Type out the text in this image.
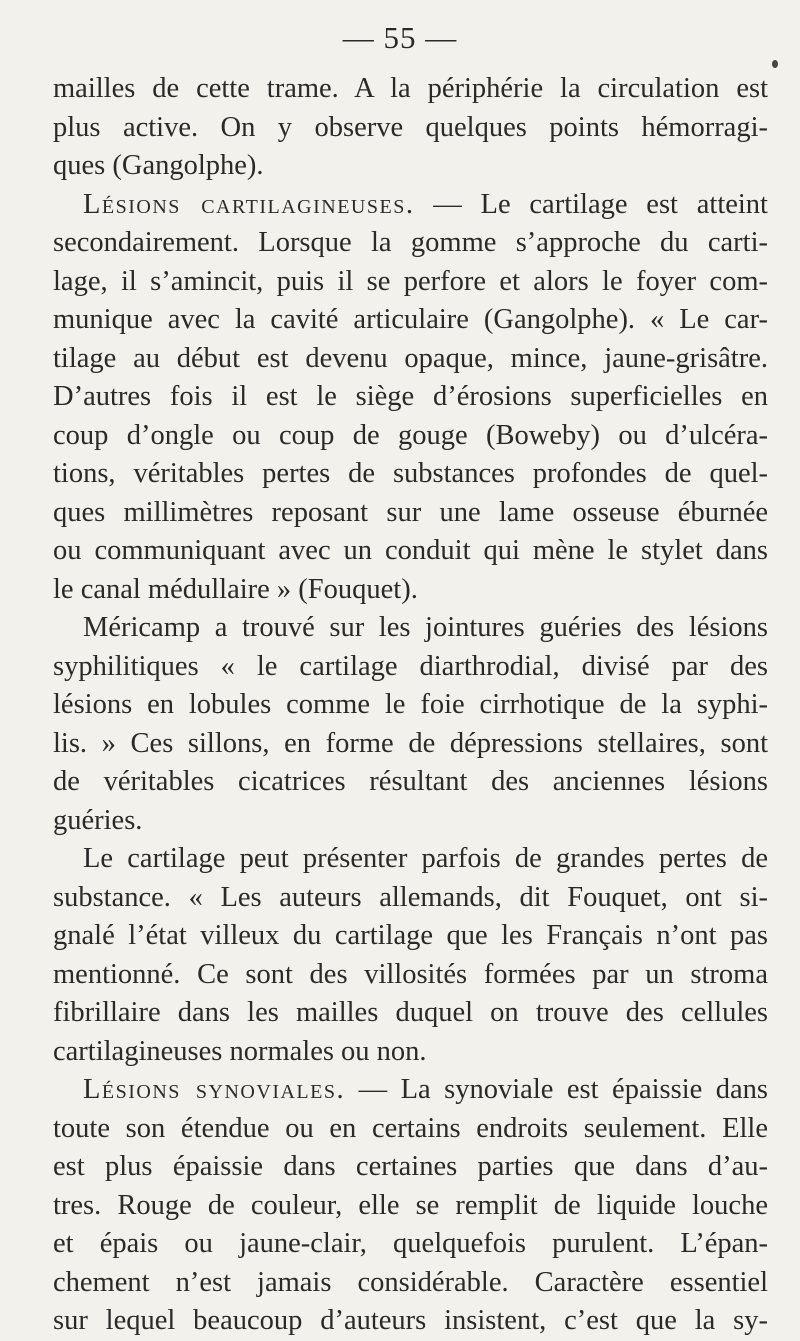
— 55 —
mailles de cette trame. A la périphérie la circulation est
plus active. On y observe quelques points hémorragi-
ques (Gangolphe).
Lésions cartilagineuses. — Le cartilage est atteint
secondairement. Lorsque la gomme s’approche du carti-
lage, il s’amincit, puis il se perfore et alors le foyer com-
munique avec la cavité articulaire (Gangolphe). « Le car-
tilage au début est devenu opaque, mince, jaune-grisâtre.
D’autres fois il est le siège d’érosions superficielles en
coup d’ongle ou coup de gouge (Boweby) ou d’ulcéra-
tions, véritables pertes de substances profondes de quel-
ques millimètres reposant sur une lame osseuse éburnée
ou communiquant avec un conduit qui mène le stylet dans
le canal médullaire » (Fouquet).
Méricamp a trouvé sur les jointures guéries des lésions
syphilitiques « le cartilage diarthrodial, divisé par des
lésions en lobules comme le foie cirrhotique de la syphi-
lis. » Ces sillons, en forme de dépressions stellaires, sont
de véritables cicatrices résultant des anciennes lésions
guéries.
Le cartilage peut présenter parfois de grandes pertes de
substance. « Les auteurs allemands, dit Fouquet, ont si-
gnalé l’état villeux du cartilage que les Français n’ont pas
mentionné. Ce sont des villosités formées par un stroma
fibrillaire dans les mailles duquel on trouve des cellules
cartilagineuses normales ou non.
Lésions synoviales. — La synoviale est épaissie dans
toute son étendue ou en certains endroits seulement. Elle
est plus épaissie dans certaines parties que dans d’au-
tres. Rouge de couleur, elle se remplit de liquide louche
et épais ou jaune-clair, quelquefois purulent. L’épan-
chement n’est jamais considérable. Caractère essentiel
sur lequel beaucoup d’auteurs insistent, c’est que la sy-
